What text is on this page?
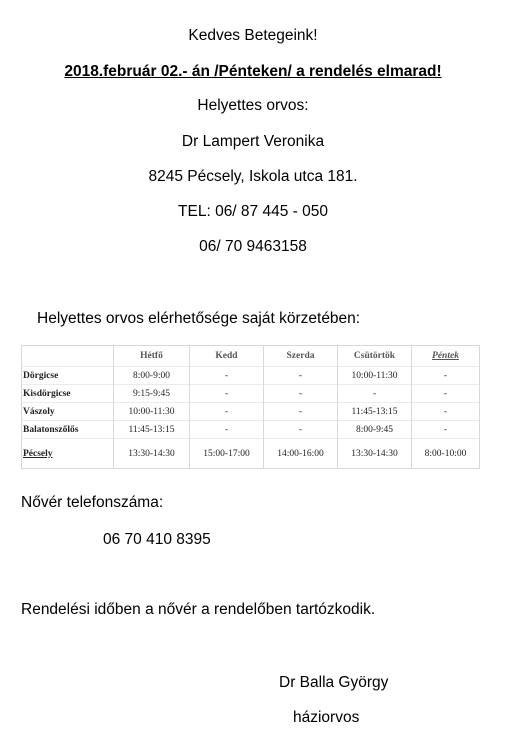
Kedves Betegeink!
2018.február 02.- án /Pénteken/ a rendelés elmarad!
Helyettes orvos:
Dr Lampert Veronika
8245 Pécsely, Iskola utca 181.
TEL: 06/ 87 445 - 050
06/ 70 9463158
Helyettes orvos elérhetősége saját körzetében:
	Hétfő	Kedd	Szerda	Csütörtök	Péntek
Dörgicse	8:00-9:00	-	-	10:00-11:30	-
Kisdörgicse	9:15-9:45	-	-	-	-
Vászoly	10:00-11:30	-	-	11:45-13:15	-
Balatonszőlős	11:45-13:15	-	-	8:00-9:45	-
Pécsely	13:30-14:30	15:00-17:00	14:00-16:00	13:30-14:30	8:00-10:00
Nővér telefonszáma:
06 70 410 8395
Rendelési időben a nővér a rendelőben tartózkodik.
Dr Balla György
háziorvos
